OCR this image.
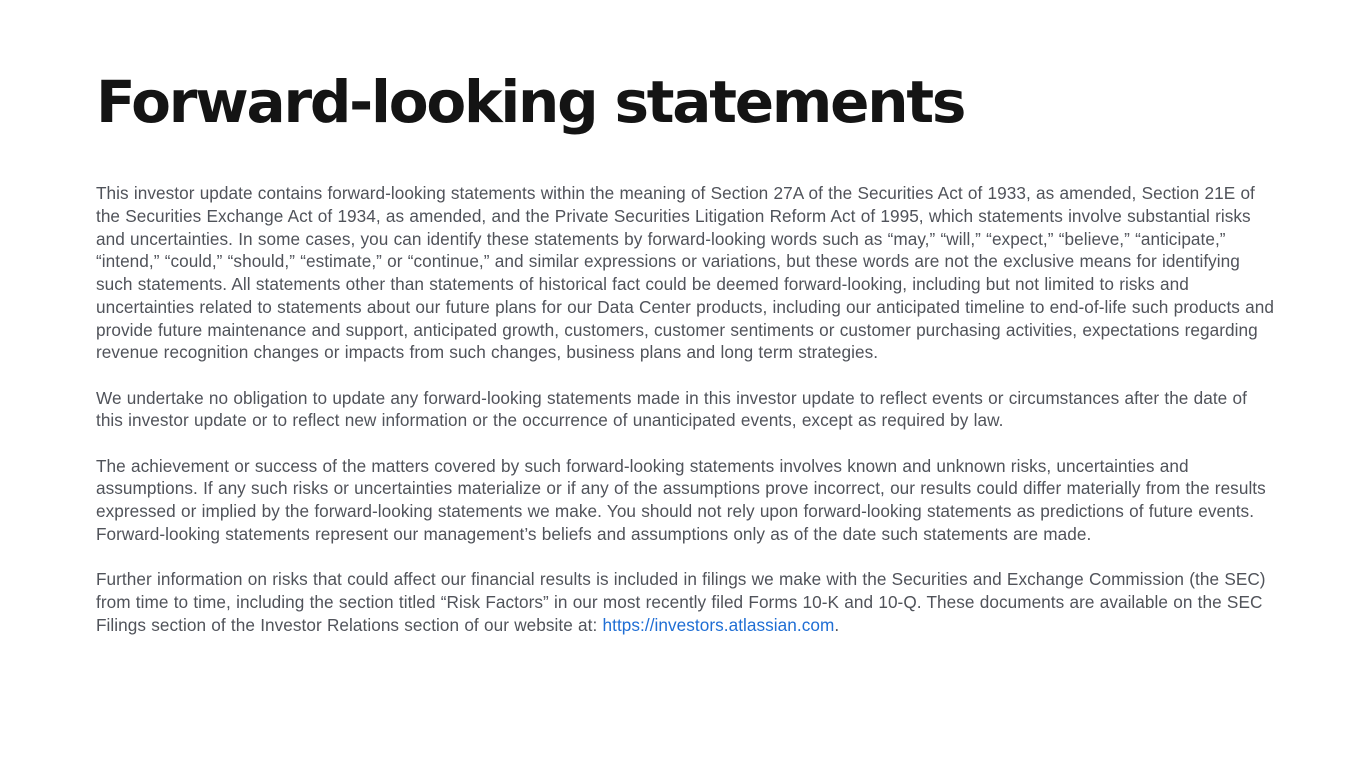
Forward-looking statements

This investor update contains forward-looking statements within the meaning of Section 27A of the Securities Act of 1933, as amended, Section 21E of the Securities Exchange Act of 1934, as amended, and the Private Securities Litigation Reform Act of 1995, which statements involve substantial risks and uncertainties. In some cases, you can identify these statements by forward-looking words such as “may,” “will,” “expect,” “believe,” “anticipate,” “intend,” “could,” “should,” “estimate,” or “continue,” and similar expressions or variations, but these words are not the exclusive means for identifying such statements. All statements other than statements of historical fact could be deemed forward-looking, including but not limited to risks and uncertainties related to statements about our future plans for our Data Center products, including our anticipated timeline to end-of-life such products and provide future maintenance and support, anticipated growth, customers, customer sentiments or customer purchasing activities, expectations regarding revenue recognition changes or impacts from such changes, business plans and long term strategies.

We undertake no obligation to update any forward-looking statements made in this investor update to reflect events or circumstances after the date of this investor update or to reflect new information or the occurrence of unanticipated events, except as required by law.

The achievement or success of the matters covered by such forward-looking statements involves known and unknown risks, uncertainties and assumptions. If any such risks or uncertainties materialize or if any of the assumptions prove incorrect, our results could differ materially from the results expressed or implied by the forward-looking statements we make. You should not rely upon forward-looking statements as predictions of future events. Forward-looking statements represent our management’s beliefs and assumptions only as of the date such statements are made.

Further information on risks that could affect our financial results is included in filings we make with the Securities and Exchange Commission (the SEC) from time to time, including the section titled “Risk Factors” in our most recently filed Forms 10-K and 10-Q. These documents are available on the SEC Filings section of the Investor Relations section of our website at: https://investors.atlassian.com.
